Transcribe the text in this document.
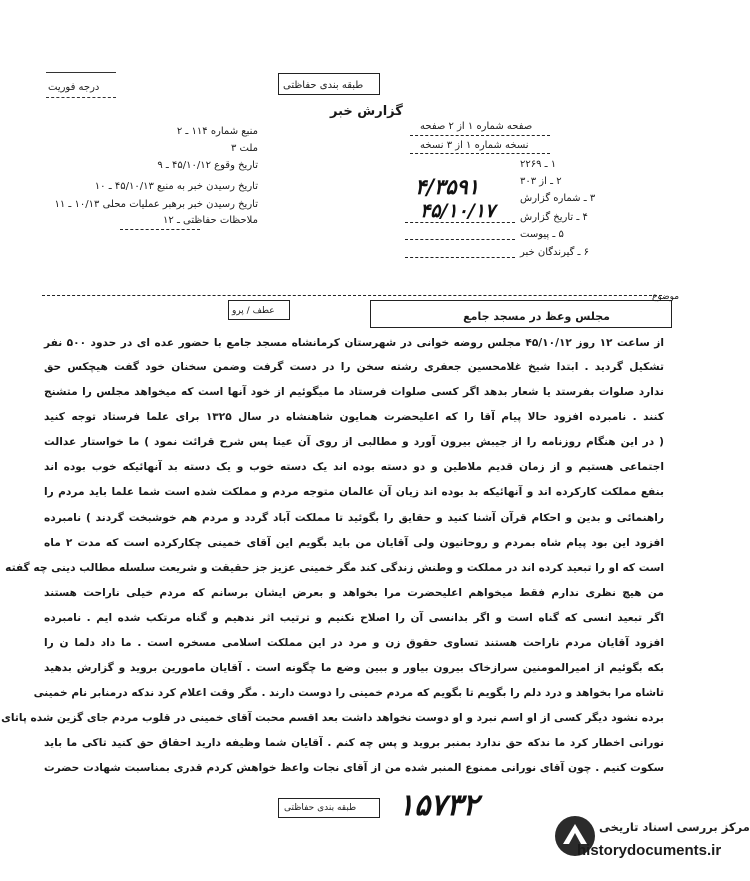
درجه فوریت	طبقه بندی حفاظتی
گزارش خبر
منبع شماره ۱۱۴ ـ ۲
ملت ۳
تاریخ وقوع ۴۵/۱۰/۱۲ ـ ۹
تاریخ رسیدن خبر به منبع ۴۵/۱۰/۱۳ ـ ۱۰
تاریخ رسیدن خبر برهبر عملیات محلی ۱۰/۱۳ ـ ۱۱
ملاحظات حفاظتی ـ ۱۲
صفحه شماره ۱ از ۲ صفحه
نسخه شماره ۱ از ۳ نسخه
۱ ـ ۲۲۶۹
۲ ـ از ۳۰۳
۳ ـ شماره گزارش
۴ ـ تاریخ گزارش
۵ ـ پیوست
۶ ـ گیرندگان خبر
۴/۳۵۹۱
۴۵/۱۰/۱۷
موضوع
مجلس وعظ در مسجد جامع
عطف / پرو
از ساعت ۱۲ روز ۴۵/۱۰/۱۲ مجلس روضه خوانی در شهرستان کرمانشاه مسجد جامع با حضور عده ای در حدود ۵۰۰ نفر
تشکیل گردید . ابتدا شیخ غلامحسین جعفری رشته سخن را در دست گرفت وضمن سخنان خود گفت هیچکس حق
ندارد صلوات بفرستد یا شعار بدهد اگر کسی صلوات فرستاد ما میگوئیم از خود آنها است که میخواهد مجلس را متشنج
کنند . نامبرده افزود حالا پیام آقا را که اعلیحضرت همایون شاهنشاه در سال ۱۳۲۵ برای علما فرستاد توجه کنید
( در این هنگام روزنامه را از جیبش بیرون آورد و مطالبی از روی آن عینا پس شرح قرائت نمود ) ما خواستار عدالت
اجتماعی هستیم و از زمان قدیم ملاطین و دو دسته بوده اند یک دسته خوب و یک دسته بد آنهائیکه خوب بوده اند
بنفع مملکت کارکرده اند و آنهائیکه بد بوده اند زیان آن عالمان متوجه مردم و مملکت شده است شما علما باید مردم را
راهنمائی و بدین و احکام قرآن آشنا کنید و حقایق را بگوئید تا مملکت آباد گردد و مردم هم خوشبخت گردند ) نامبرده
افزود این بود پیام شاه بمردم و روحانیون ولی آقایان من باید بگویم این آقای خمینی چکارکرده است که مدت ۲ ماه
است که او را تبعید کرده اند در مملکت و وطنش زندگی کند مگر خمینی عزیز جز حقیقت و شریعت سلسله مطالب دینی چه گفته
من هیچ نظری ندارم فقط میخواهم اعلیحضرت مرا بخواهد و بعرض ایشان برسانم که مردم خیلی ناراحت هستند
اگر تبعید انسی که گناه است و اگر بدانسی آن را اصلاح نکنیم و ترتیب اثر ندهیم و گناه مرتکب شده ایم . نامبرده
افزود آقایان مردم ناراحت هستند تساوی حقوق زن و مرد در این مملکت اسلامی مسخره است . ما داد دلما ن را
بکه بگوئیم از امیرالمومنین سرازخاک بیرون بیاور و ببین وضع ما چگونه است . آقایان مامورین بروید و گزارش بدهید
تاشاه مرا بخواهد و درد دلم را بگویم تا بگویم که مردم خمینی را دوست دارند . مگر وقت اعلام کرد ندکه درمنابر نام خمینی
برده نشود دیگر کسی از او اسم نبرد و او دوست نخواهد داشت بعد اقسم محبت آقای خمینی در قلوب مردم جای گزین شده پاتای
نورانی اخطار کرد ما ندکه حق ندارد بمنبر بروید و پس چه کنم . آقایان شما وظیفه دارید احقاق حق کنید تاکی ما باید
سکوت کنیم . چون آقای نورانی ممنوع المنبر شده من از آقای نجات واعظ خواهش کردم قدری بمناسبت شهادت حضرت
طبقه بندی حفاظتی ۱۵۷۳۲
مرکز بررسی اسناد تاریخی
historydocuments.ir
